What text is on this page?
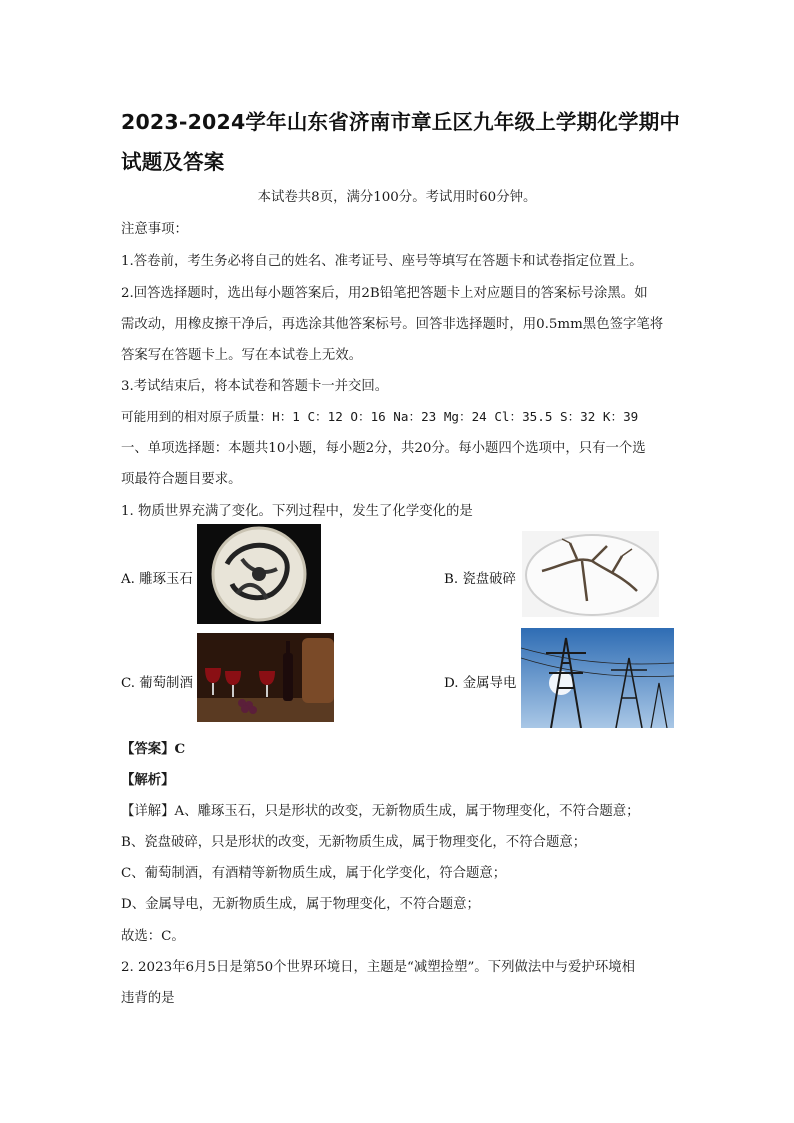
2023-2024学年山东省济南市章丘区九年级上学期化学期中
试题及答案
本试卷共8页，满分100分。考试用时60分钟。
注意事项：
1.答卷前，考生务必将自己的姓名、准考证号、座号等填写在答题卡和试卷指定位置上。
2.回答选择题时，选出每小题答案后，用2B铅笔把答题卡上对应题目的答案标号涂黑。如
需改动，用橡皮擦干净后，再选涂其他答案标号。回答非选择题时，用0.5mm黑色签字笔将
答案写在答题卡上。写在本试卷上无效。
3.考试结束后，将本试卷和答题卡一并交回。
可能用到的相对原子质量：H：1 C：12 O：16 Na：23 Mg：24 Cl：35.5 S：32 K：39
一、单项选择题：本题共10小题，每小题2分，共20分。每小题四个选项中，只有一个选
项最符合题目要求。
1. 物质世界充满了变化。下列过程中，发生了化学变化的是
A. 雕琢玉石	B. 瓷盘破碎
C. 葡萄制酒	D. 金属导电
【答案】C
【解析】
【详解】A、雕琢玉石，只是形状的改变，无新物质生成，属于物理变化，不符合题意；
B、瓷盘破碎，只是形状的改变，无新物质生成，属于物理变化，不符合题意；
C、葡萄制酒，有酒精等新物质生成，属于化学变化，符合题意；
D、金属导电，无新物质生成，属于物理变化，不符合题意；
故选：C。
2. 2023年6月5日是第50个世界环境日，主题是“减塑捡塑”。下列做法中与爱护环境相
违背的是
